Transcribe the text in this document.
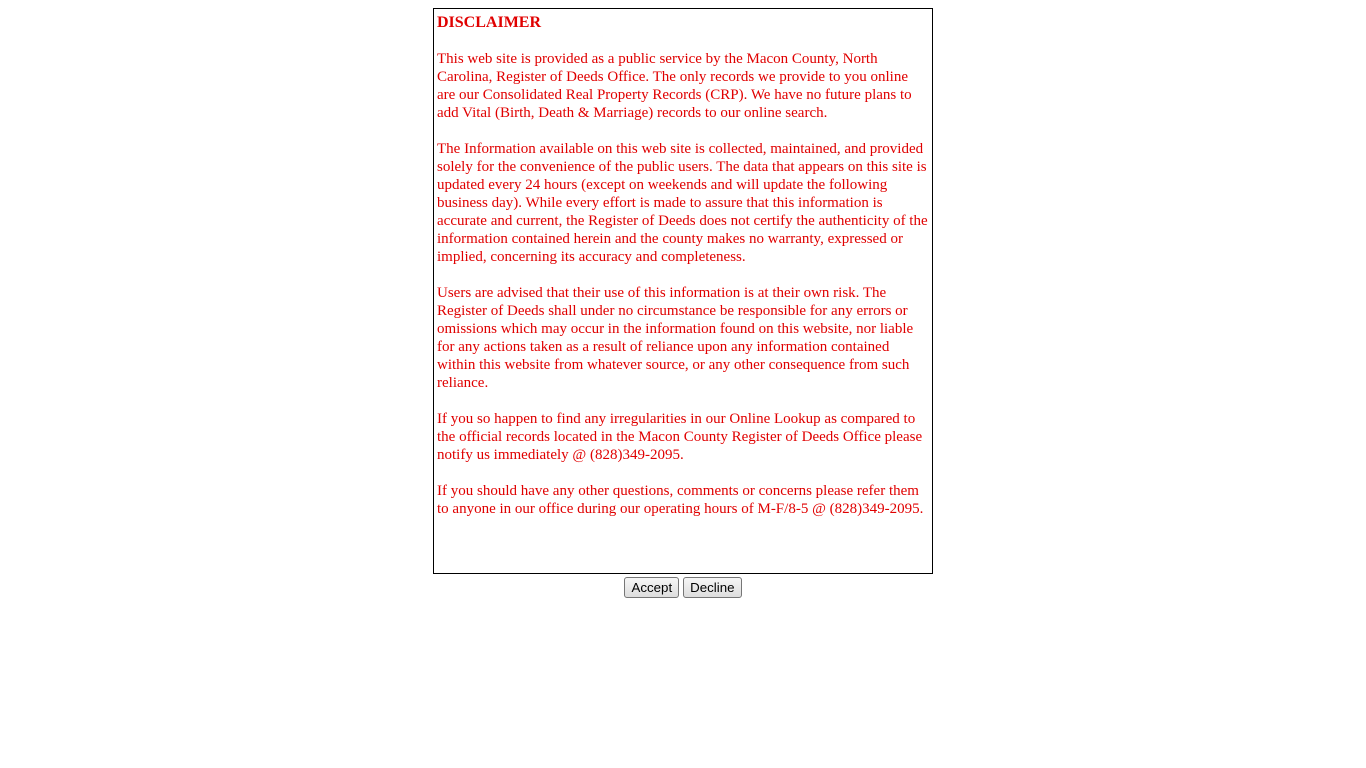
DISCLAIMER

This web site is provided as a public service by the Macon County, North Carolina, Register of Deeds Office. The only records we provide to you online are our Consolidated Real Property Records (CRP). We have no future plans to add Vital (Birth, Death & Marriage) records to our online search.

The Information available on this web site is collected, maintained, and provided solely for the convenience of the public users. The data that appears on this site is updated every 24 hours (except on weekends and will update the following business day). While every effort is made to assure that this information is accurate and current, the Register of Deeds does not certify the authenticity of the information contained herein and the county makes no warranty, expressed or implied, concerning its accuracy and completeness.

Users are advised that their use of this information is at their own risk. The Register of Deeds shall under no circumstance be responsible for any errors or omissions which may occur in the information found on this website, nor liable for any actions taken as a result of reliance upon any information contained within this website from whatever source, or any other consequence from such reliance.

If you so happen to find any irregularities in our Online Lookup as compared to the official records located in the Macon County Register of Deeds Office please notify us immediately @ (828)349-2095.

If you should have any other questions, comments or concerns please refer them to anyone in our office during our operating hours of M-F/8-5 @ (828)349-2095.

Accept Decline
